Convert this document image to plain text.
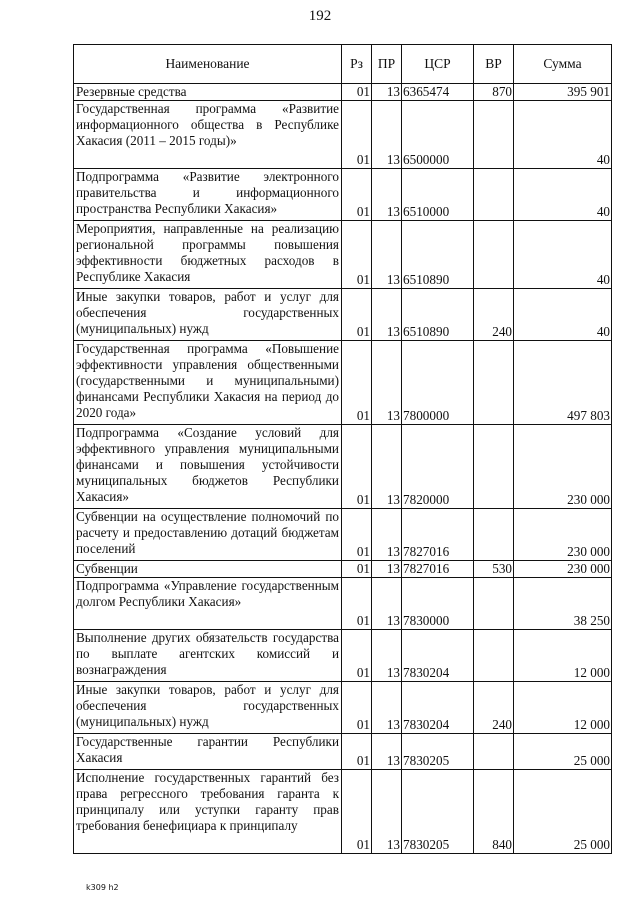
192
Наименование	Рз	ПР	ЦСР	ВР	Сумма
Резервные средства	01	13	6365474	870	395 901
Государственная программа «Развитие информационного общества в Республике Хакасия (2011 – 2015 годы)»	01	13	6500000		40
Подпрограмма «Развитие электронного правительства и информационного пространства Республики Хакасия»	01	13	6510000		40
Мероприятия, направленные на реализацию региональной программы повышения эффективности бюджетных расходов в Республике Хакасия	01	13	6510890		40
Иные закупки товаров, работ и услуг для обеспечения государственных (муниципальных) нужд	01	13	6510890	240	40
Государственная программа «Повышение эффективности управления общественными (государственными и муниципальными) финансами Республики Хакасия на период до 2020 года»	01	13	7800000		497 803
Подпрограмма «Создание условий для эффективного управления муниципальными финансами и повышения устойчивости муниципальных бюджетов Республики Хакасия»	01	13	7820000		230 000
Субвенции на осуществление полномочий по расчету и предоставлению дотаций бюджетам поселений	01	13	7827016		230 000
Субвенции	01	13	7827016	530	230 000
Подпрограмма «Управление государственным долгом Республики Хакасия»	01	13	7830000		38 250
Выполнение других обязательств государства по выплате агентских комиссий и вознаграждения	01	13	7830204		12 000
Иные закупки товаров, работ и услуг для обеспечения государственных (муниципальных) нужд	01	13	7830204	240	12 000
Государственные гарантии Республики Хакасия	01	13	7830205		25 000
Исполнение государственных гарантий без права регрессного требования гаранта к принципалу или уступки гаранту прав требования бенефициара к принципалу	01	13	7830205	840	25 000
k309 h2
